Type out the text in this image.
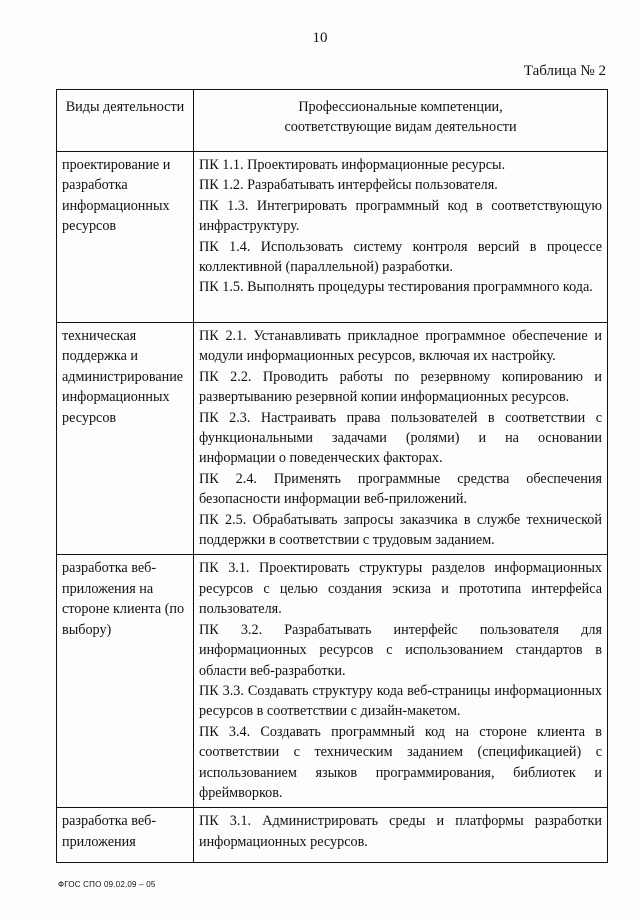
10
Таблица № 2
Виды деятельности	Профессиональные компетенции,
соответствующие видам деятельности

проектирование и разработка информационных ресурсов	ПК 1.1. Проектировать информационные ресурсы.
ПК 1.2. Разрабатывать интерфейсы пользователя.
ПК 1.3. Интегрировать программный код в соответствующую инфраструктуру.
ПК 1.4. Использовать систему контроля версий в процессе коллективной (параллельной) разработки.
ПК 1.5. Выполнять процедуры тестирования программного кода.

техническая поддержка и администрирование информационных ресурсов	ПК 2.1. Устанавливать прикладное программное обеспечение и модули информационных ресурсов, включая их настройку.
ПК 2.2. Проводить работы по резервному копированию и развертыванию резервной копии информационных ресурсов.
ПК 2.3. Настраивать права пользователей в соответствии с функциональными задачами (ролями) и на основании информации о поведенческих факторах.
ПК 2.4. Применять программные средства обеспечения безопасности информации веб-приложений.
ПК 2.5. Обрабатывать запросы заказчика в службе технической поддержки в соответствии с трудовым заданием.

разработка веб-приложения на стороне клиента (по выбору)	ПК 3.1. Проектировать структуры разделов информационных ресурсов с целью создания эскиза и прототипа интерфейса пользователя.
ПК 3.2. Разрабатывать интерфейс пользователя для информационных ресурсов с использованием стандартов в области веб-разработки.
ПК 3.3. Создавать структуру кода веб-страницы информационных ресурсов в соответствии с дизайн-макетом.
ПК 3.4. Создавать программный код на стороне клиента в соответствии с техническим заданием (спецификацией) с использованием языков программирования, библиотек и фреймворков.

разработка веб-приложения	ПК 3.1. Администрировать среды и платформы разработки информационных ресурсов.
ФГОС СПО 09.02.09 – 05
